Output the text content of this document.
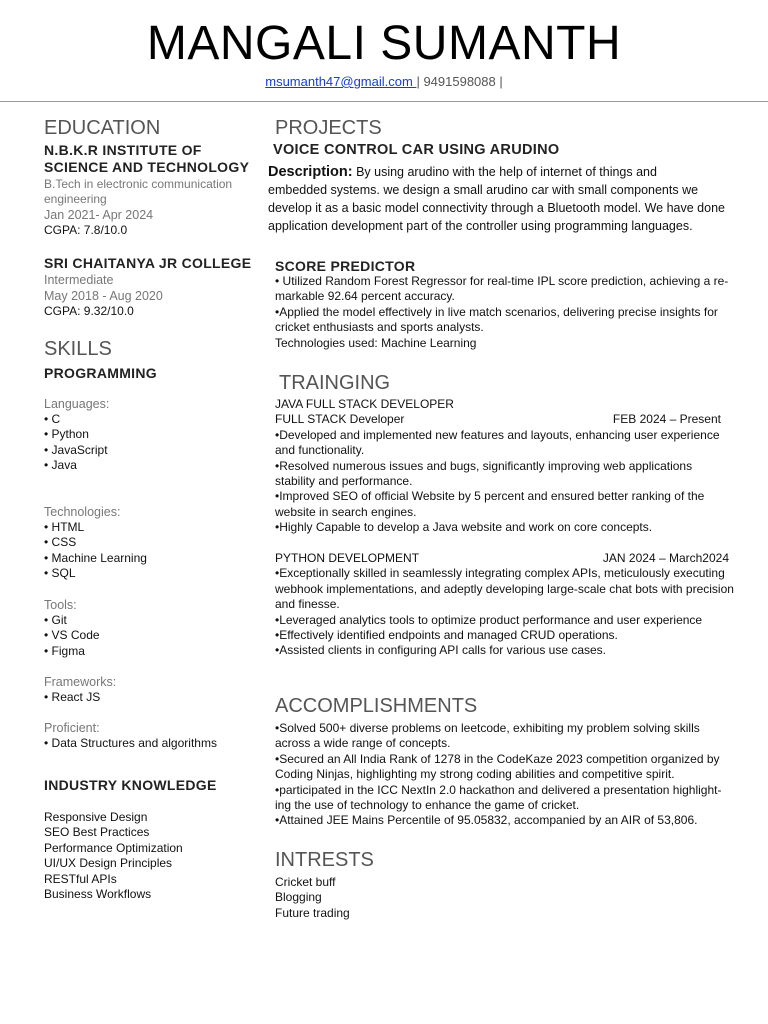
MANGALI SUMANTH
msumanth47@gmail.com | 9491598088 |
EDUCATION
N.B.K.R INSTITUTE OF
SCIENCE AND TECHNOLOGY
B.Tech in electronic communication
engineering
Jan 2021- Apr 2024
CGPA: 7.8/10.0
SRI CHAITANYA JR COLLEGE
Intermediate
May 2018 - Aug 2020
CGPA: 9.32/10.0
SKILLS
PROGRAMMING
Languages:
• C
• Python
• JavaScript
• Java
Technologies:
• HTML
• CSS
• Machine Learning
• SQL
Tools:
• Git
• VS Code
• Figma
Frameworks:
• React JS
Proficient:
• Data Structures and algorithms
INDUSTRY KNOWLEDGE
Responsive Design
SEO Best Practices
Performance Optimization
UI/UX Design Principles
RESTful APIs
Business Workflows
PROJECTS
VOICE CONTROL CAR USING ARUDINO
Description: By using arudino with the help of internet of things and
embedded systems. we design a small arudino car with small components we
develop it as a basic model connectivity through a Bluetooth model. We have done
application development part of the controller using programming languages.
SCORE PREDICTOR
• Utilized Random Forest Regressor for real-time IPL score prediction, achieving a re-
markable 92.64 percent accuracy.
•Applied the model effectively in live match scenarios, delivering precise insights for
cricket enthusiasts and sports analysts.
Technologies used: Machine Learning
TRAINGING
JAVA FULL STACK DEVELOPER
FULL STACK Developer	FEB 2024 – Present
•Developed and implemented new features and layouts, enhancing user experience
and functionality.
•Resolved numerous issues and bugs, significantly improving web applications
stability and performance.
•Improved SEO of official Website by 5 percent and ensured better ranking of the
website in search engines.
•Highly Capable to develop a Java website and work on core concepts.
PYTHON DEVELOPMENT	JAN 2024 – March2024
•Exceptionally skilled in seamlessly integrating complex APIs, meticulously executing
webhook implementations, and adeptly developing large-scale chat bots with precision
and finesse.
•Leveraged analytics tools to optimize product performance and user experience
•Effectively identified endpoints and managed CRUD operations.
•Assisted clients in configuring API calls for various use cases.
ACCOMPLISHMENTS
•Solved 500+ diverse problems on leetcode, exhibiting my problem solving skills
across a wide range of concepts.
•Secured an All India Rank of 1278 in the CodeKaze 2023 competition organized by
Coding Ninjas, highlighting my strong coding abilities and competitive spirit.
•participated in the ICC NextIn 2.0 hackathon and delivered a presentation highlight-
ing the use of technology to enhance the game of cricket.
•Attained JEE Mains Percentile of 95.05832, accompanied by an AIR of 53,806.
INTRESTS
Cricket buff
Blogging
Future trading
